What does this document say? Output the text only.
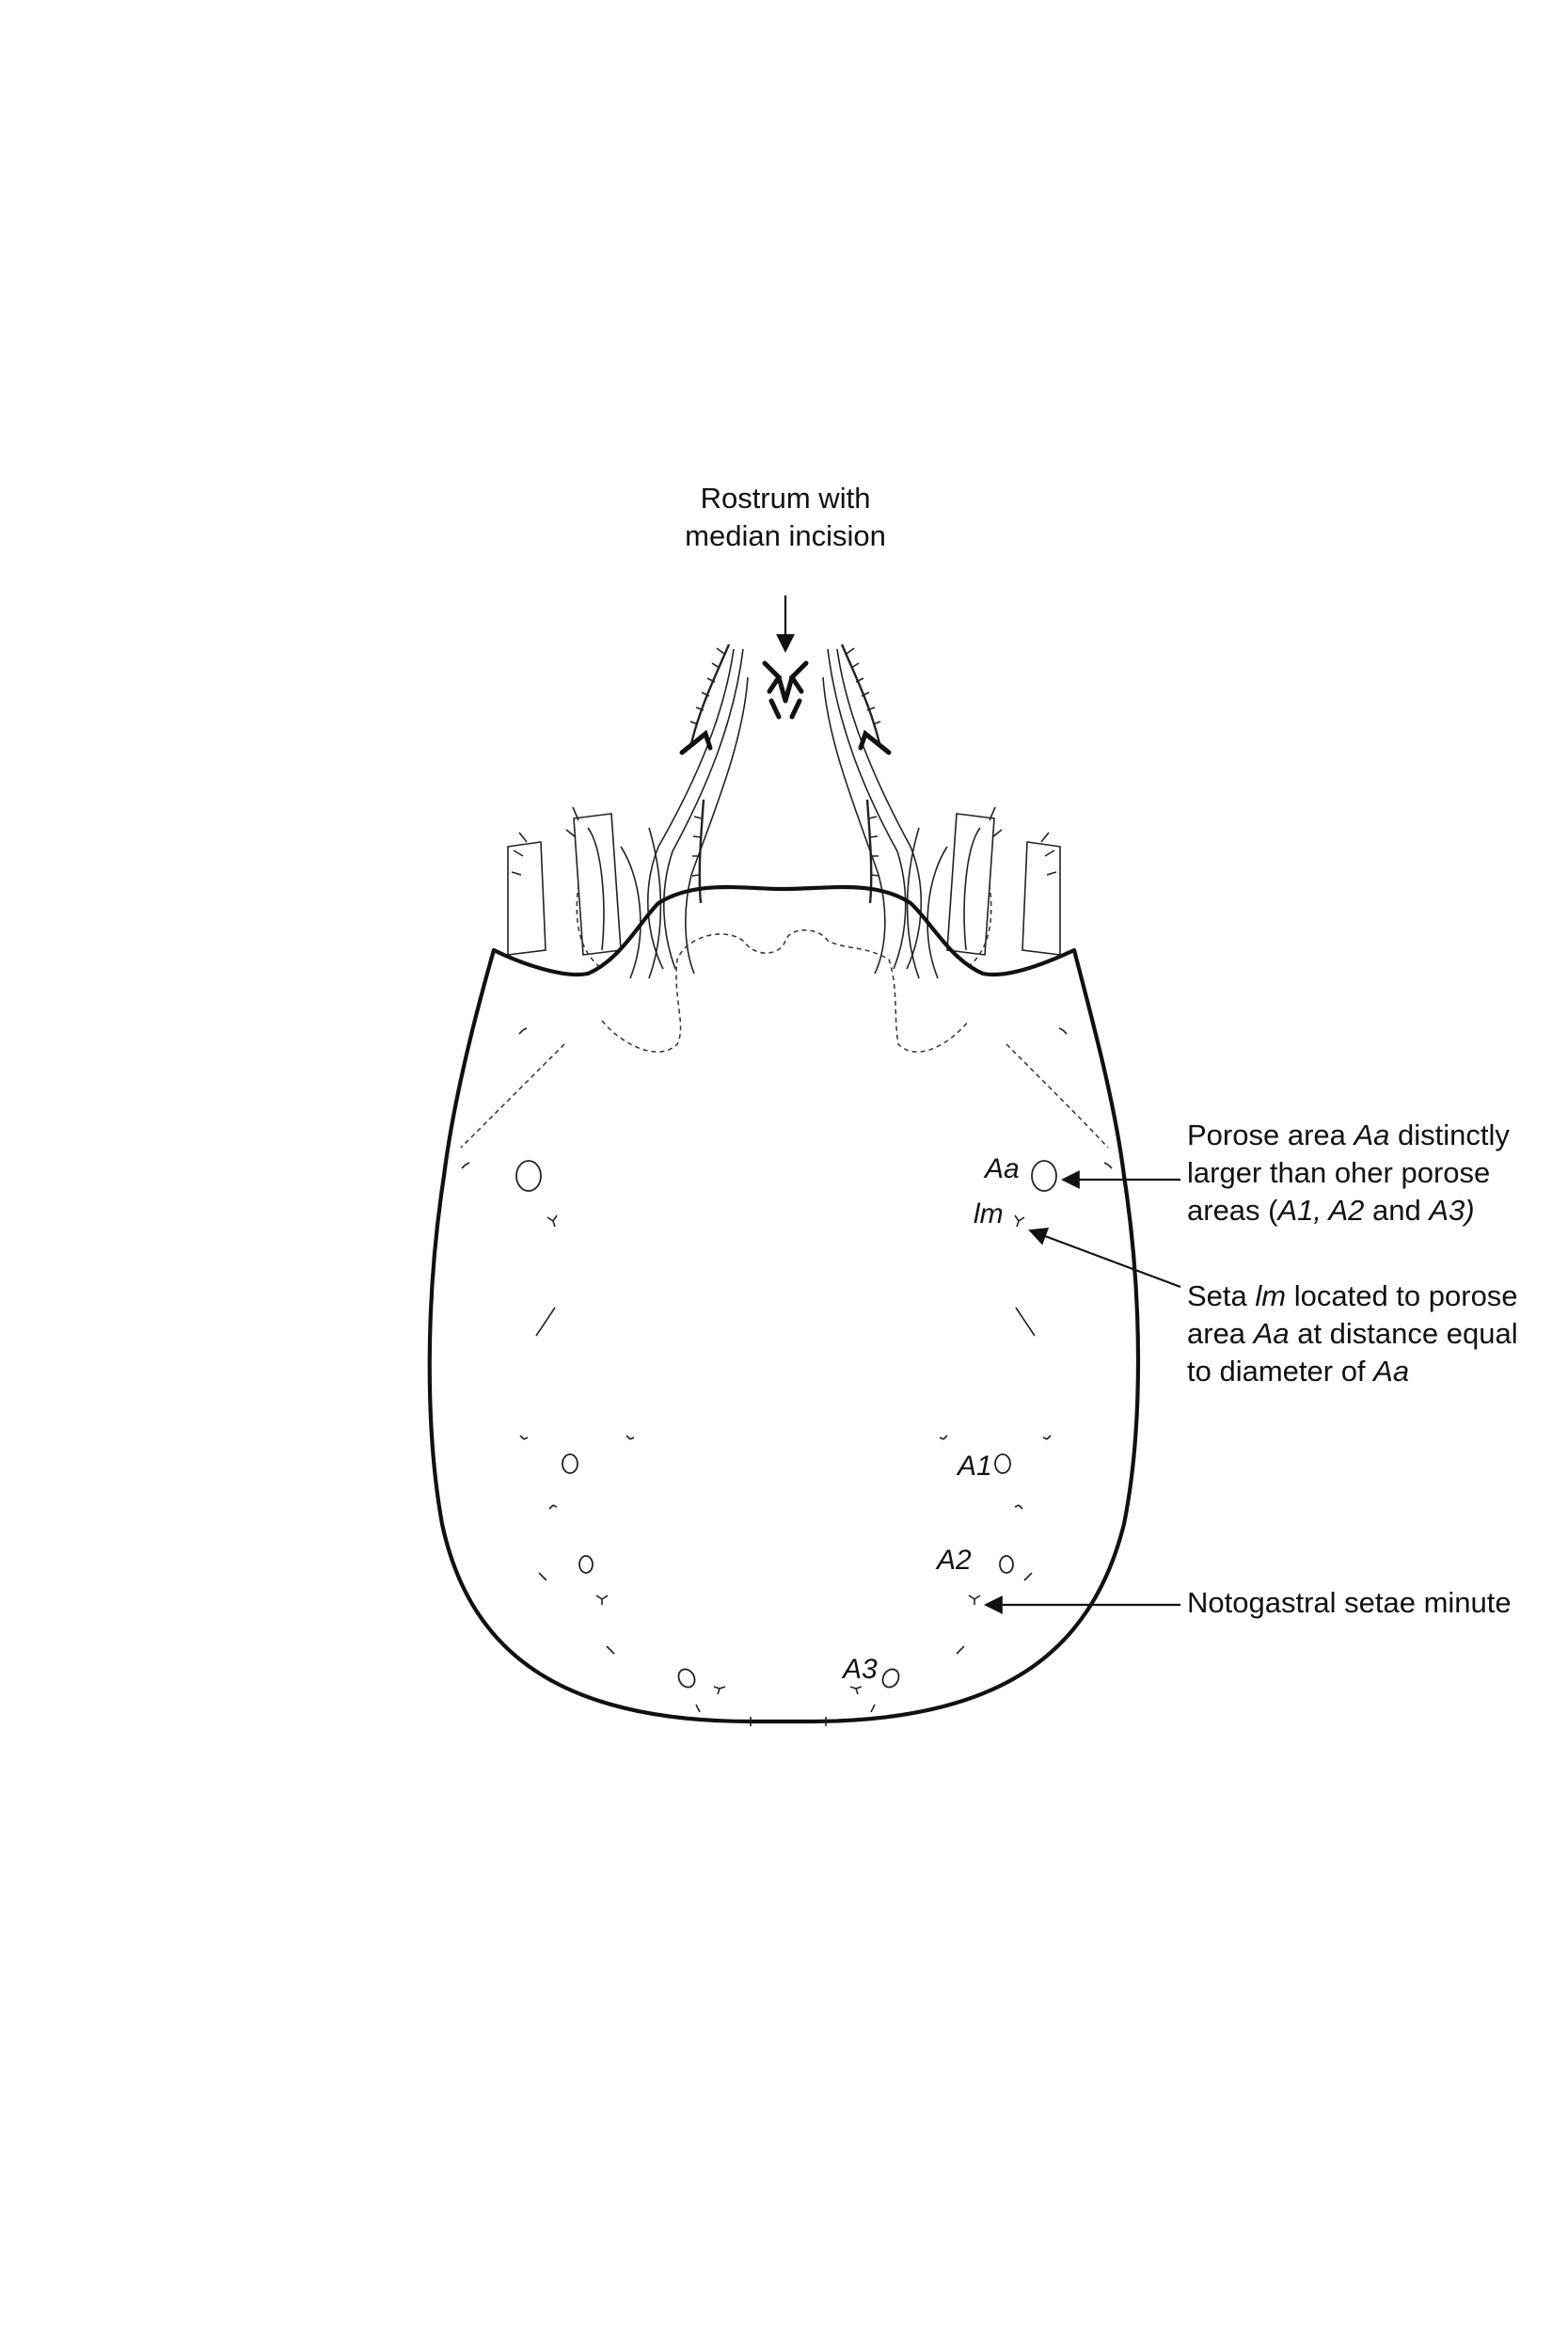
Aa
lm
A1
A2
A3
Rostrum with median incision
Porose area Aa distinctly larger than oher porose areas (A1, A2 and A3)
Seta lm located to porose area Aa at distance equal to diameter of Aa
Notogastral setae minute
